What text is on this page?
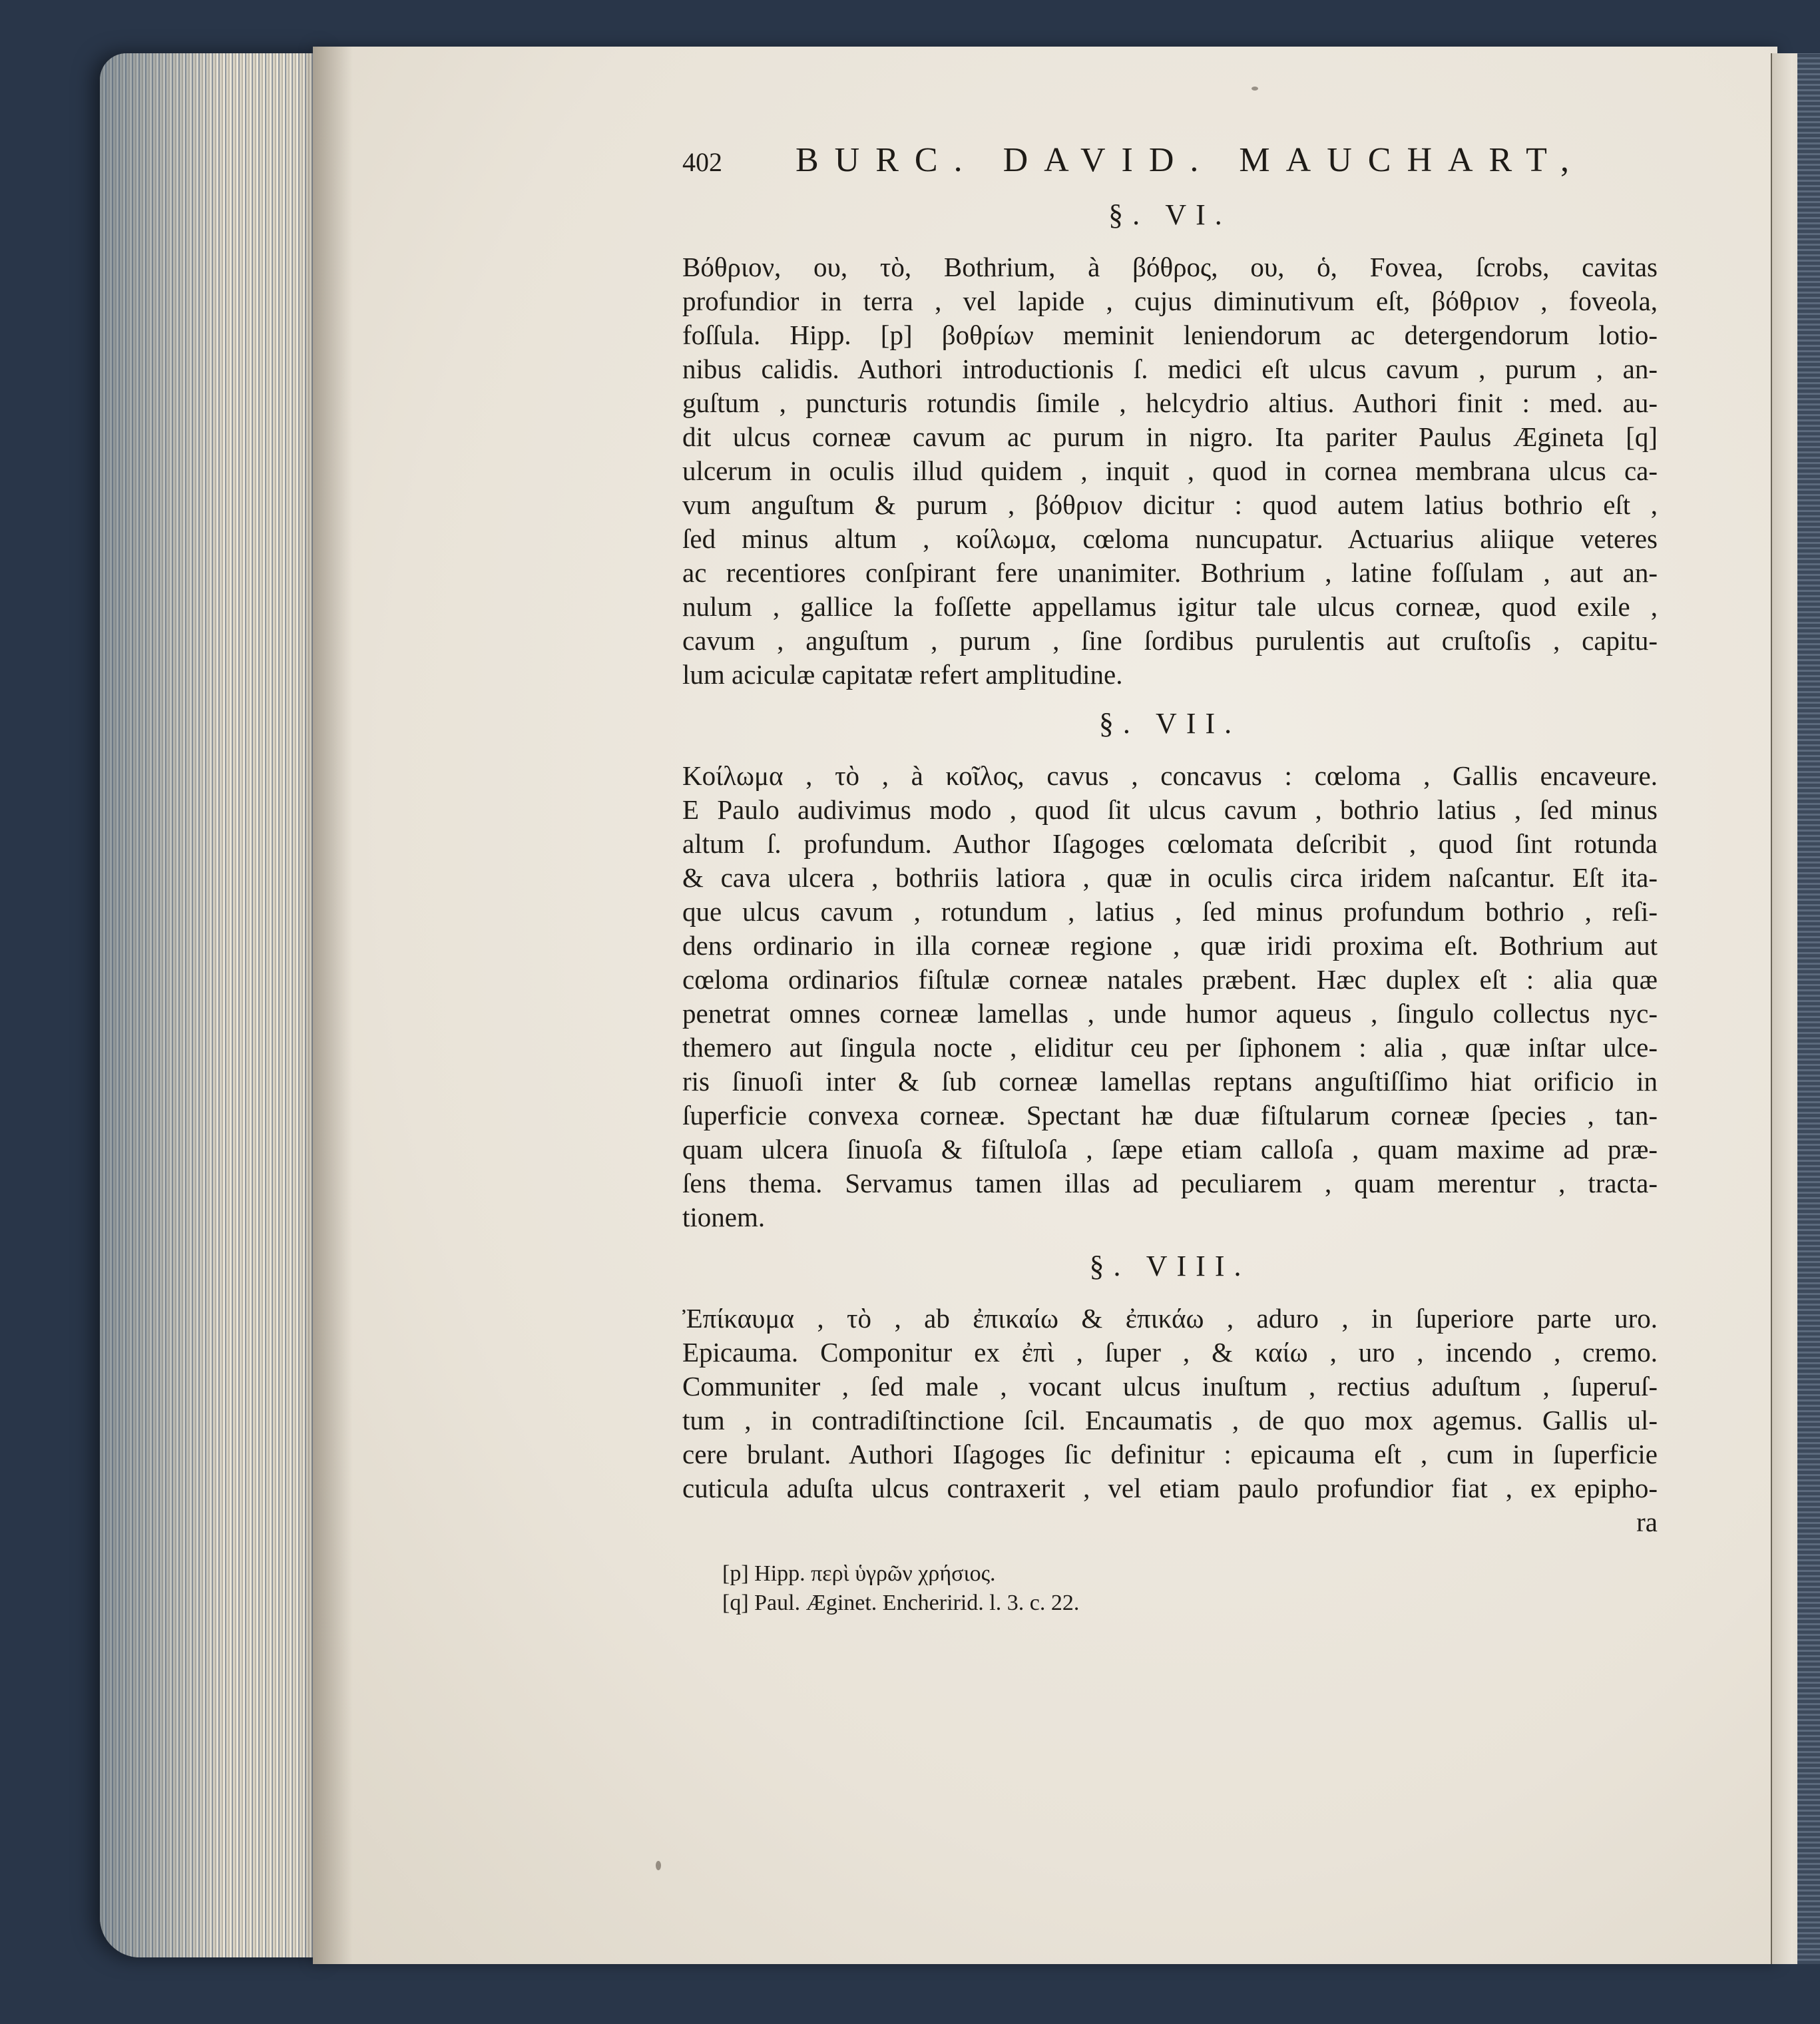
402	BURC. DAVID. MAUCHART,
§. VI.
Βόθριον, ου, τὸ, Bothrium, à βόθρος, ου, ὁ, Fovea, ſcrobs, cavitas
profundior in terra , vel lapide , cujus diminutivum eſt, βόθριον , foveola,
foſſula. Hipp. [p] βοθρίων meminit leniendorum ac detergendorum lotio-
nibus calidis. Authori introductionis ſ. medici eſt ulcus cavum , purum , an-
guſtum , puncturis rotundis ſimile , helcydrio altius. Authori finit : med. au-
dit ulcus corneæ cavum ac purum in nigro. Ita pariter Paulus Ægineta [q]
ulcerum in oculis illud quidem , inquit , quod in cornea membrana ulcus ca-
vum anguſtum & purum , βόθριον dicitur : quod autem latius bothrio eſt ,
ſed minus altum , κοίλωμα, cœloma nuncupatur. Actuarius aliique veteres
ac recentiores conſpirant fere unanimiter. Bothrium , latine foſſulam , aut an-
nulum , gallice la foſſette appellamus igitur tale ulcus corneæ, quod exile ,
cavum , anguſtum , purum , ſine ſordibus purulentis aut cruſtoſis , capitu-
lum aciculæ capitatæ refert amplitudine.
§. VII.
Κοίλωμα , τὸ , à κοῖλος, cavus , concavus : cœloma , Gallis encaveure.
E Paulo audivimus modo , quod ſit ulcus cavum , bothrio latius , ſed minus
altum ſ. profundum. Author Iſagoges cœlomata deſcribit , quod ſint rotunda
& cava ulcera , bothriis latiora , quæ in oculis circa iridem naſcantur. Eſt ita-
que ulcus cavum , rotundum , latius , ſed minus profundum bothrio , reſi-
dens ordinario in illa corneæ regione , quæ iridi proxima eſt. Bothrium aut
cœloma ordinarios fiſtulæ corneæ natales præbent. Hæc duplex eſt : alia quæ
penetrat omnes corneæ lamellas , unde humor aqueus , ſingulo collectus nyc-
themero aut ſingula nocte , eliditur ceu per ſiphonem : alia , quæ inſtar ulce-
ris ſinuoſi inter & ſub corneæ lamellas reptans anguſtiſſimo hiat orificio in
ſuperficie convexa corneæ. Spectant hæ duæ fiſtularum corneæ ſpecies , tan-
quam ulcera ſinuoſa & fiſtuloſa , ſæpe etiam calloſa , quam maxime ad præ-
ſens thema. Servamus tamen illas ad peculiarem , quam merentur , tracta-
tionem.
§. VIII.
Ἐπίκαυμα , τὸ , ab ἐπικαίω & ἐπικάω , aduro , in ſuperiore parte uro.
Epicauma. Componitur ex ἐπὶ , ſuper , & καίω , uro , incendo , cremo.
Communiter , ſed male , vocant ulcus inuſtum , rectius aduſtum , ſuperuſ-
tum , in contradiſtinctione ſcil. Encaumatis , de quo mox agemus. Gallis ul-
cere brulant. Authori Iſagoges ſic definitur : epicauma eſt , cum in ſuperficie
cuticula aduſta ulcus contraxerit , vel etiam paulo profundior fiat , ex epipho-
ra
[p] Hipp. περὶ ὑγρῶν χρήσιος.
[q] Paul. Æginet. Encheririd. l. 3. c. 22.
